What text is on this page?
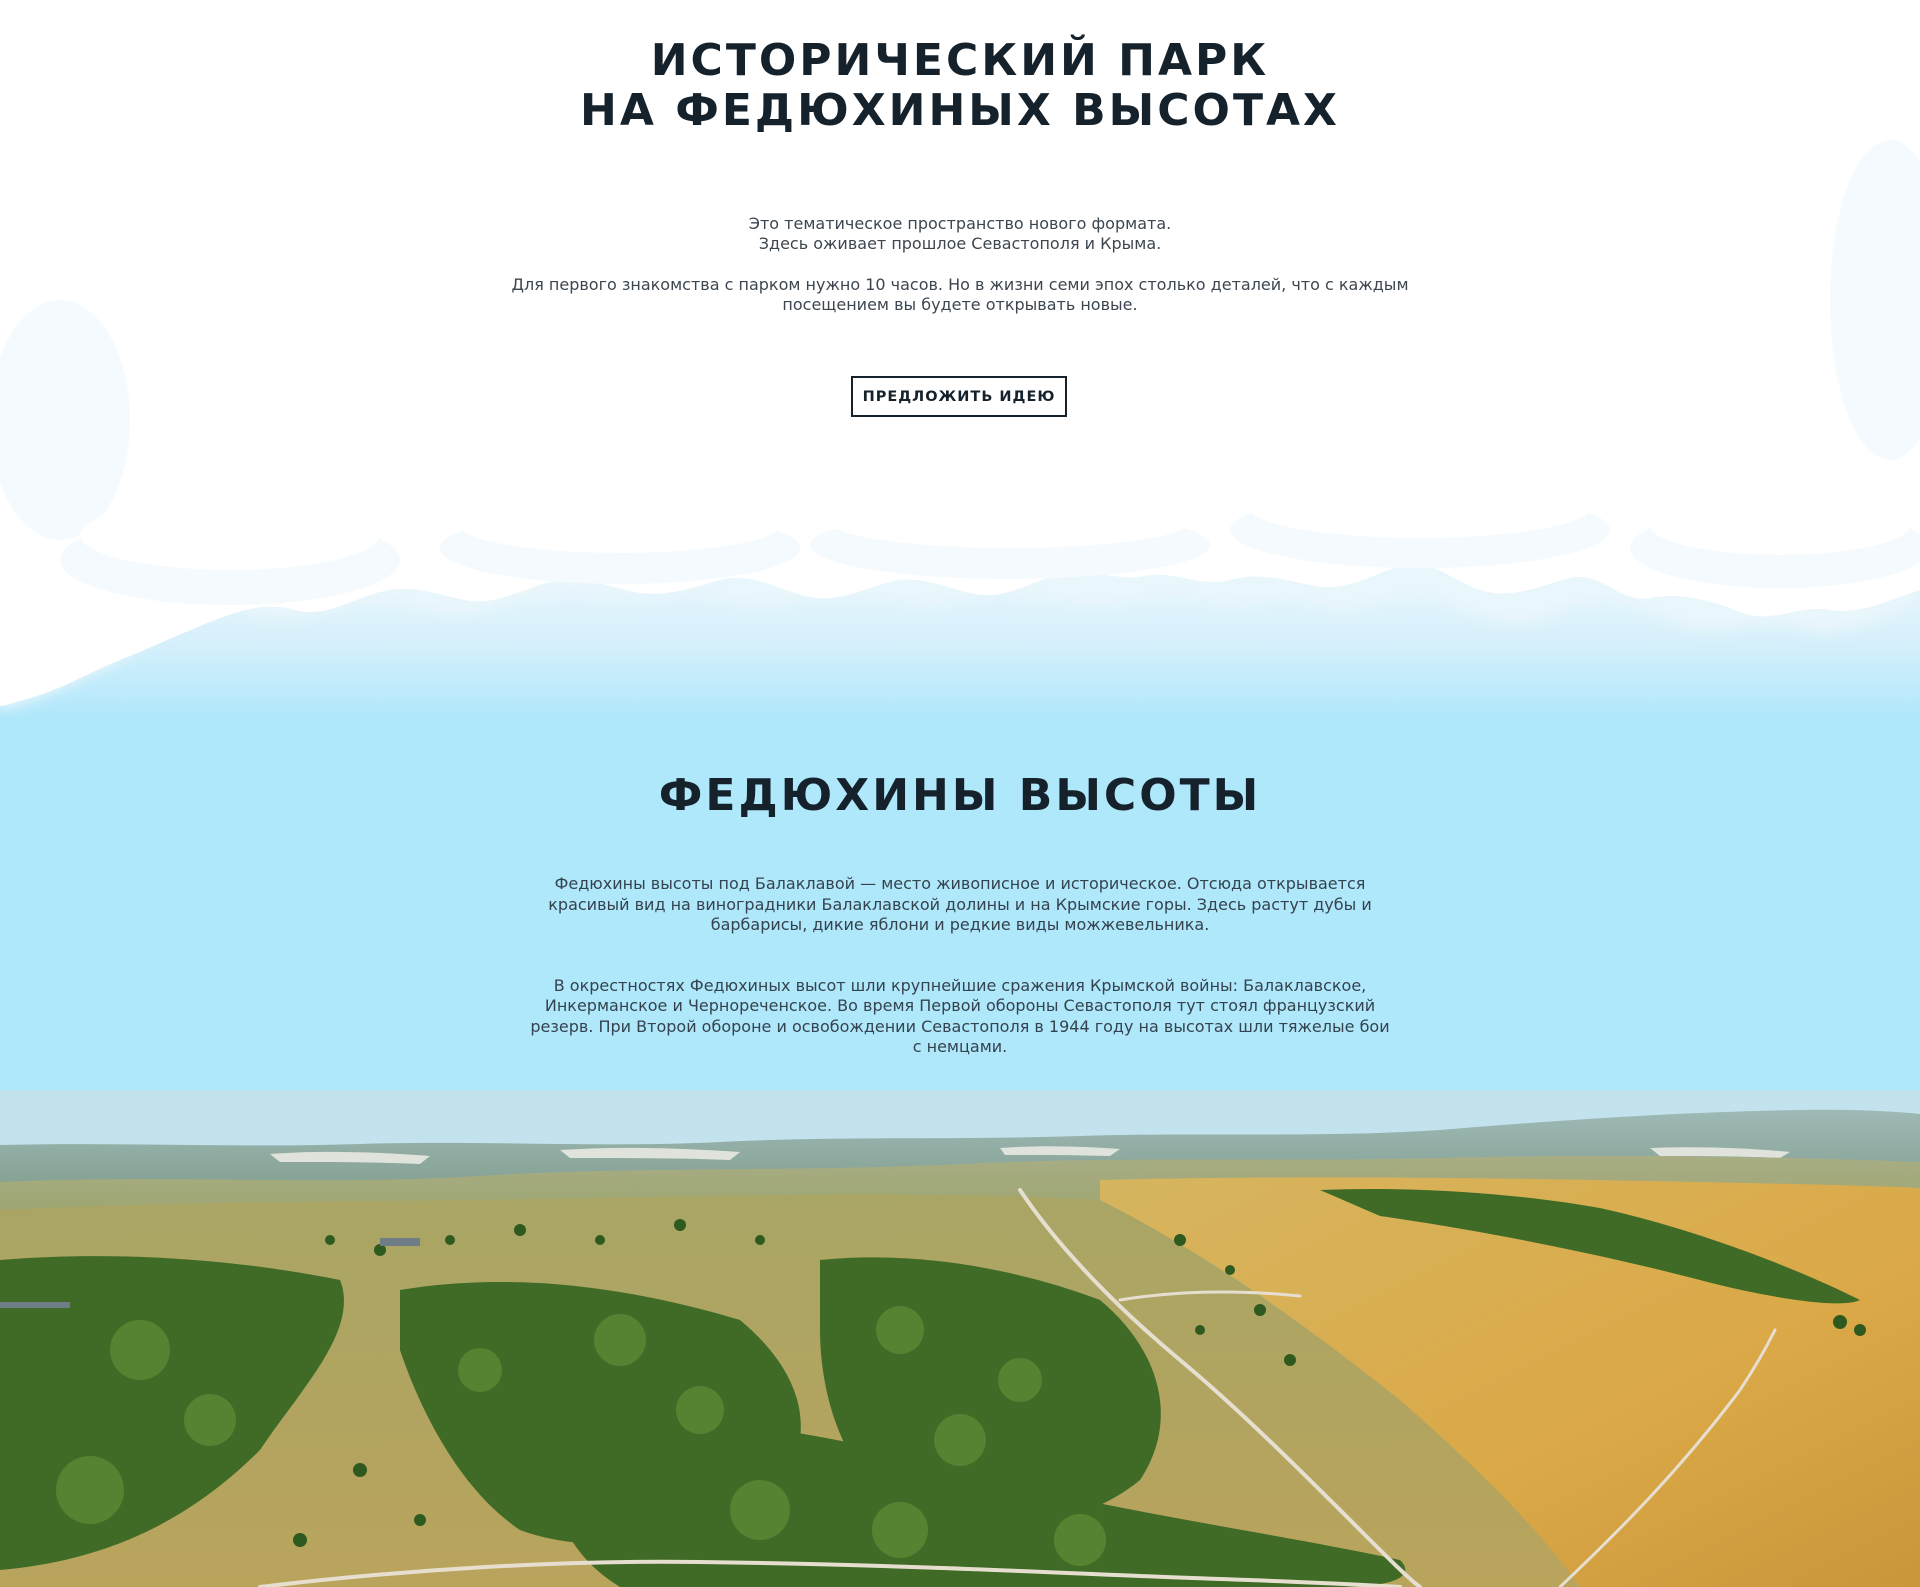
ИСТОРИЧЕСКИЙ ПАРК
НА ФЕДЮХИНЫХ ВЫСОТАХ

Это тематическое пространство нового формата.
Здесь оживает прошлое Севастополя и Крыма.

Для первого знакомства с парком нужно 10 часов. Но в жизни семи эпох столько деталей, что с каждым
посещением вы будете открывать новые.

ПРЕДЛОЖИТЬ ИДЕЮ
ФЕДЮХИНЫ ВЫСОТЫ

Федюхины высоты под Балаклавой — место живописное и историческое. Отсюда открывается
красивый вид на виноградники Балаклавской долины и на Крымские горы. Здесь растут дубы и
барбарисы, дикие яблони и редкие виды можжевельника.

В окрестностях Федюхиных высот шли крупнейшие сражения Крымской войны: Балаклавское,
Инкерманское и Черноречeнское. Во время Первой обороны Севастополя тут стоял французский
резерв. При Второй обороне и освобождении Севастополя в 1944 году на высотах шли тяжелые бои
с немцами.
